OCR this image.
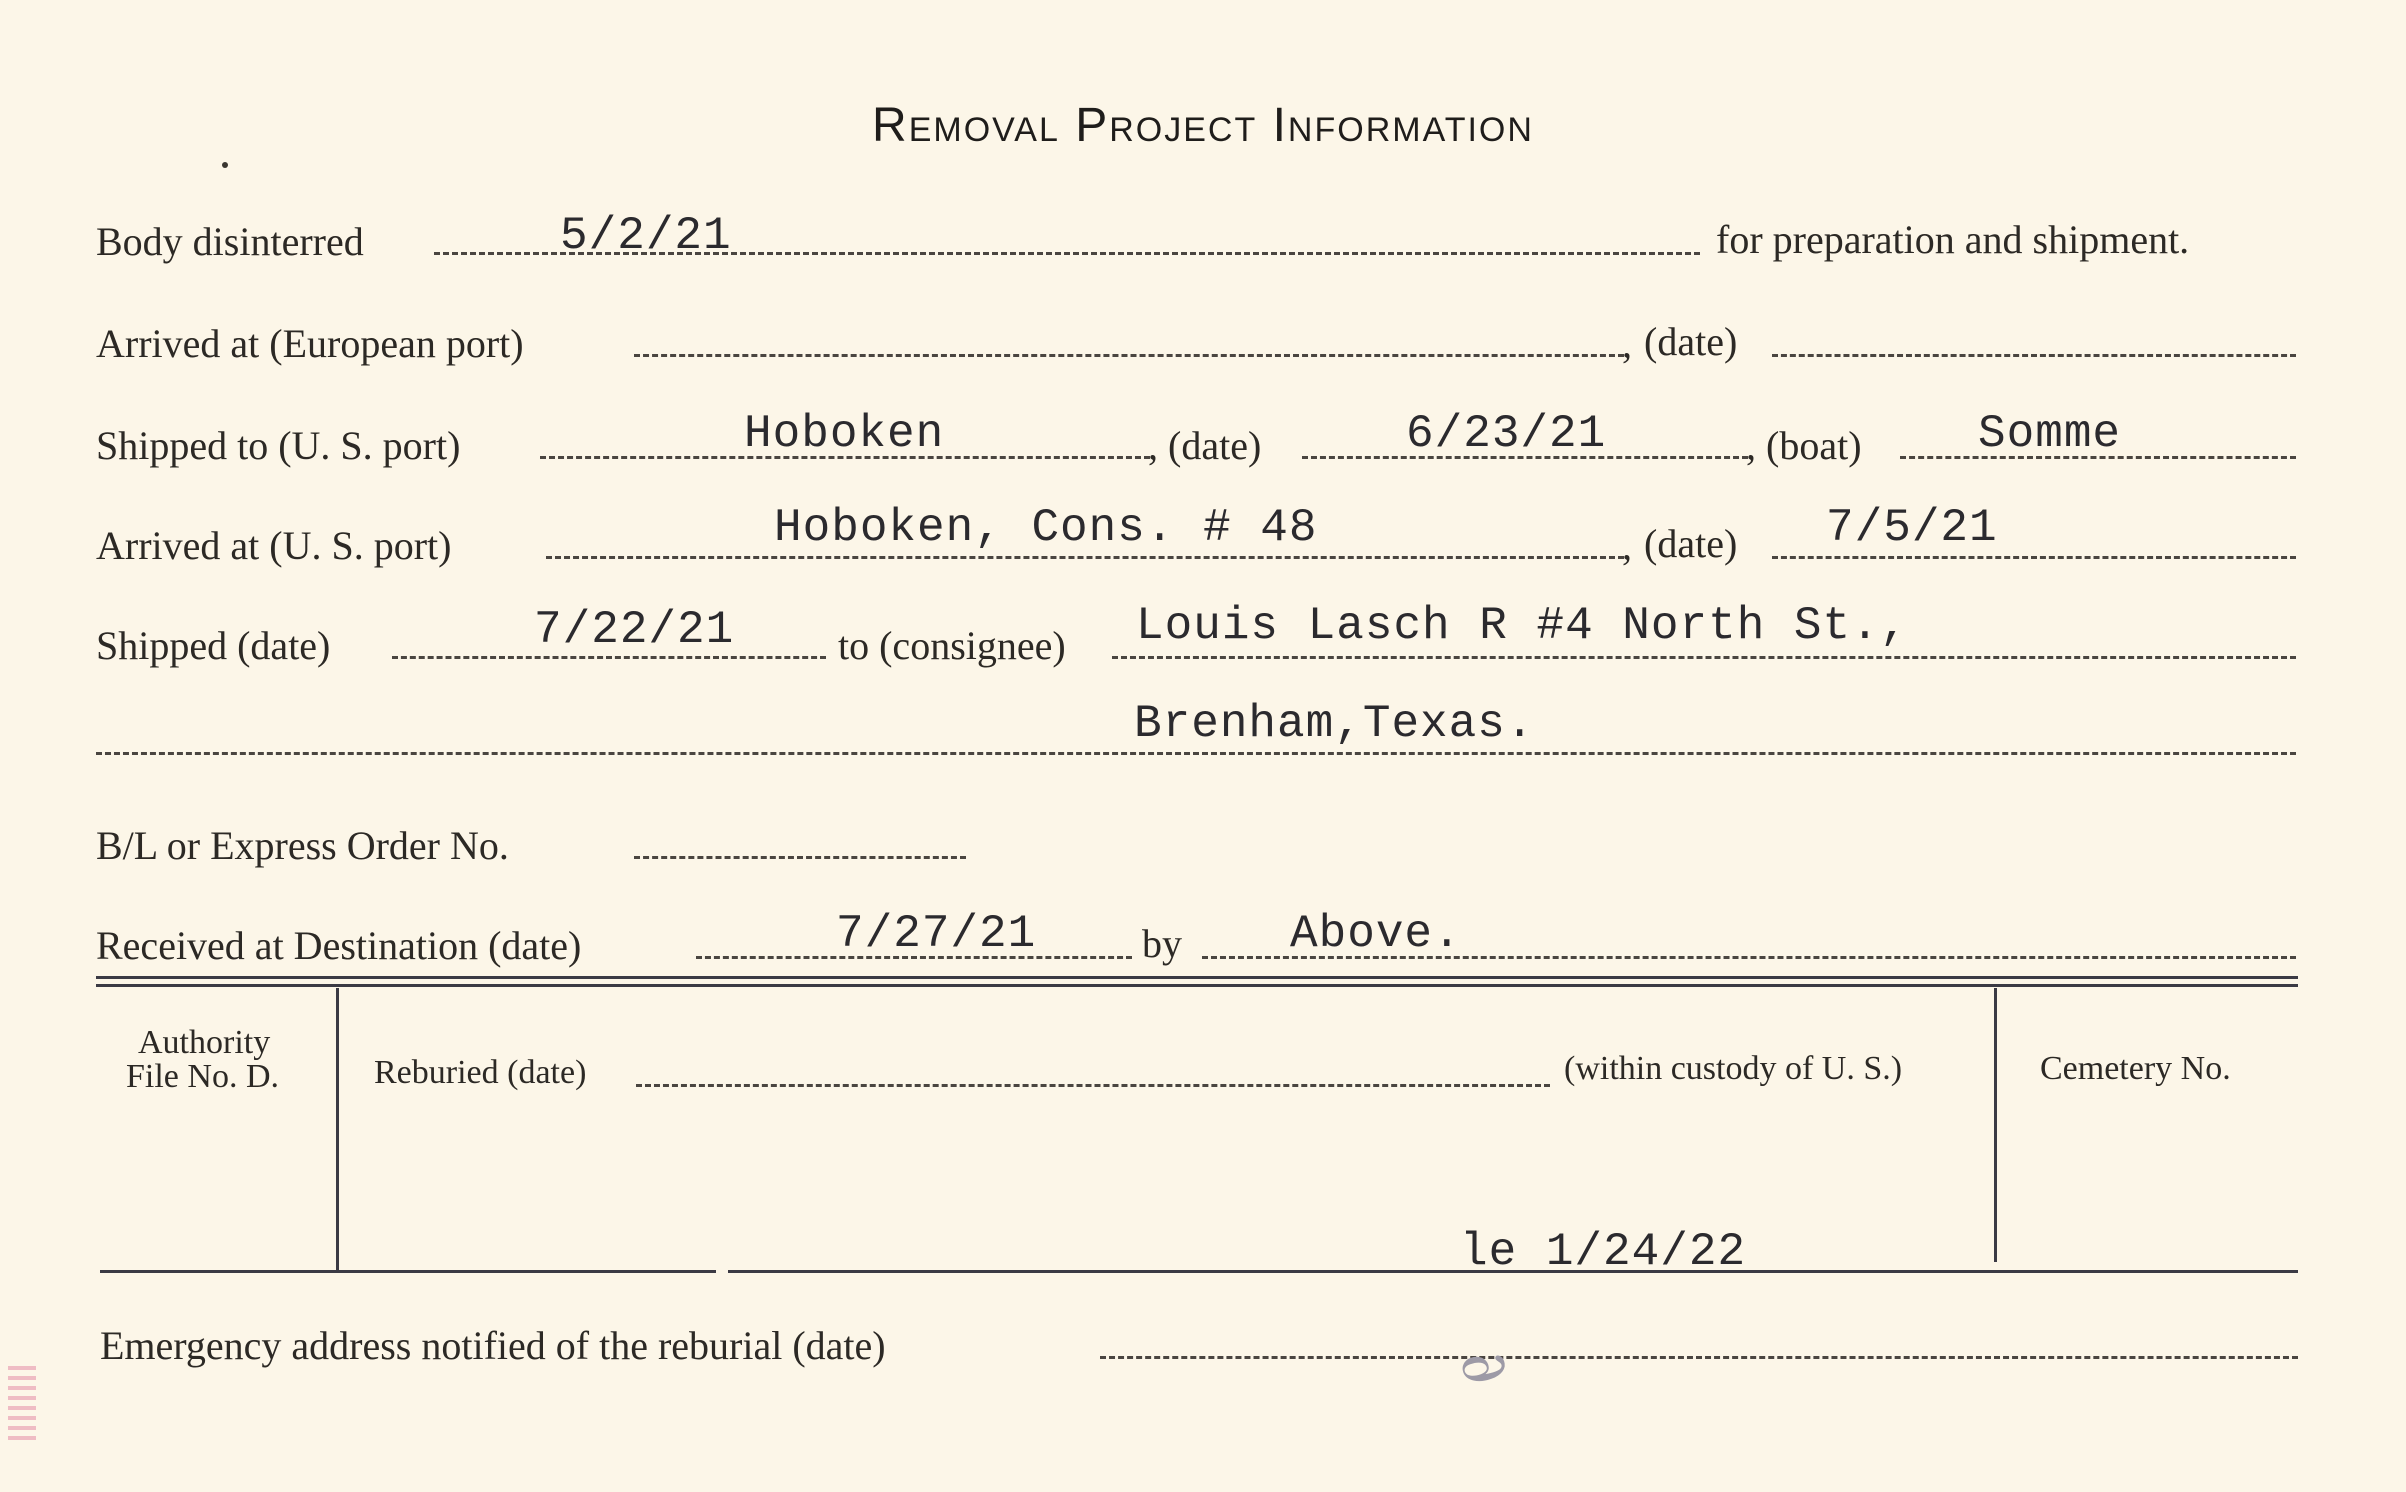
Removal Project Information
Body disinterred	5/2/21	for preparation and shipment.
Arrived at (European port)	, (date)
Shipped to (U. S. port)	Hoboken	, (date)	6/23/21	, (boat)	Somme
Arrived at (U. S. port)	Hoboken, Cons. # 48	, (date) 7/5/21
Shipped (date)	7/22/21	to (consignee) Louis Lasch R #4 North St.,
Brenham,Texas.
B/L or Express Order No.
Received at Destination (date)	7/27/21	by Above.
Authority
File No. D.	Reburied (date)	(within custody of U. S.)	Cemetery No.
le 1/24/22
Emergency address notified of the reburial (date)	∂
